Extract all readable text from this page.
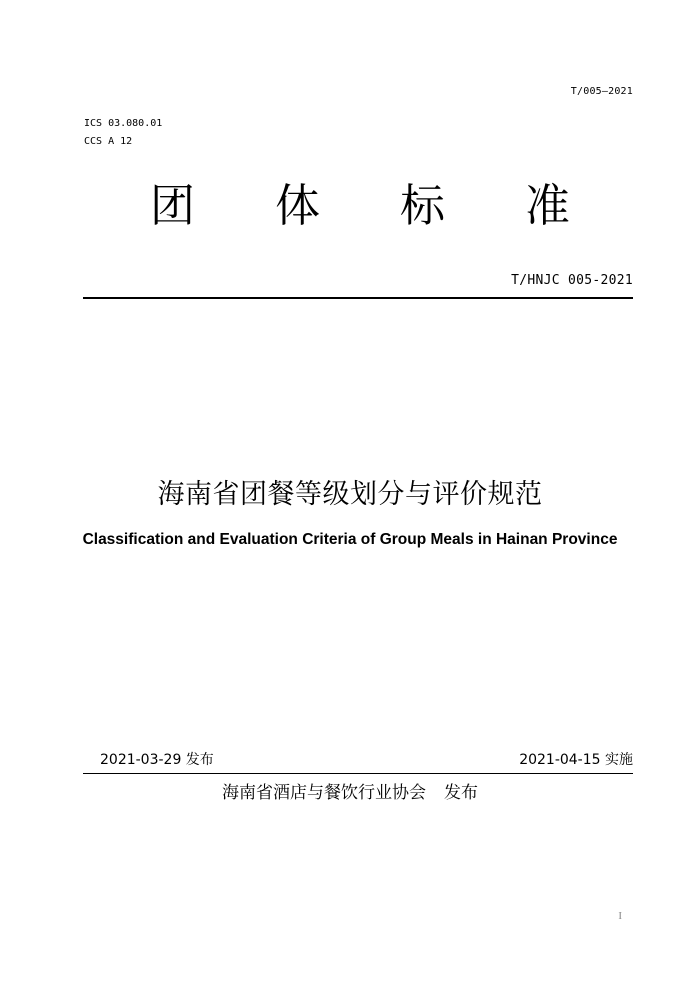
T/005—2021
ICS 03.080.01
CCS A 12
团 体 标 准
T/HNJC 005-2021
海南省团餐等级划分与评价规范
Classification and Evaluation Criteria of Group Meals in Hainan Province
2021-03-29 发布	2021-04-15 实施
海南省酒店与餐饮行业协会 发布
I
